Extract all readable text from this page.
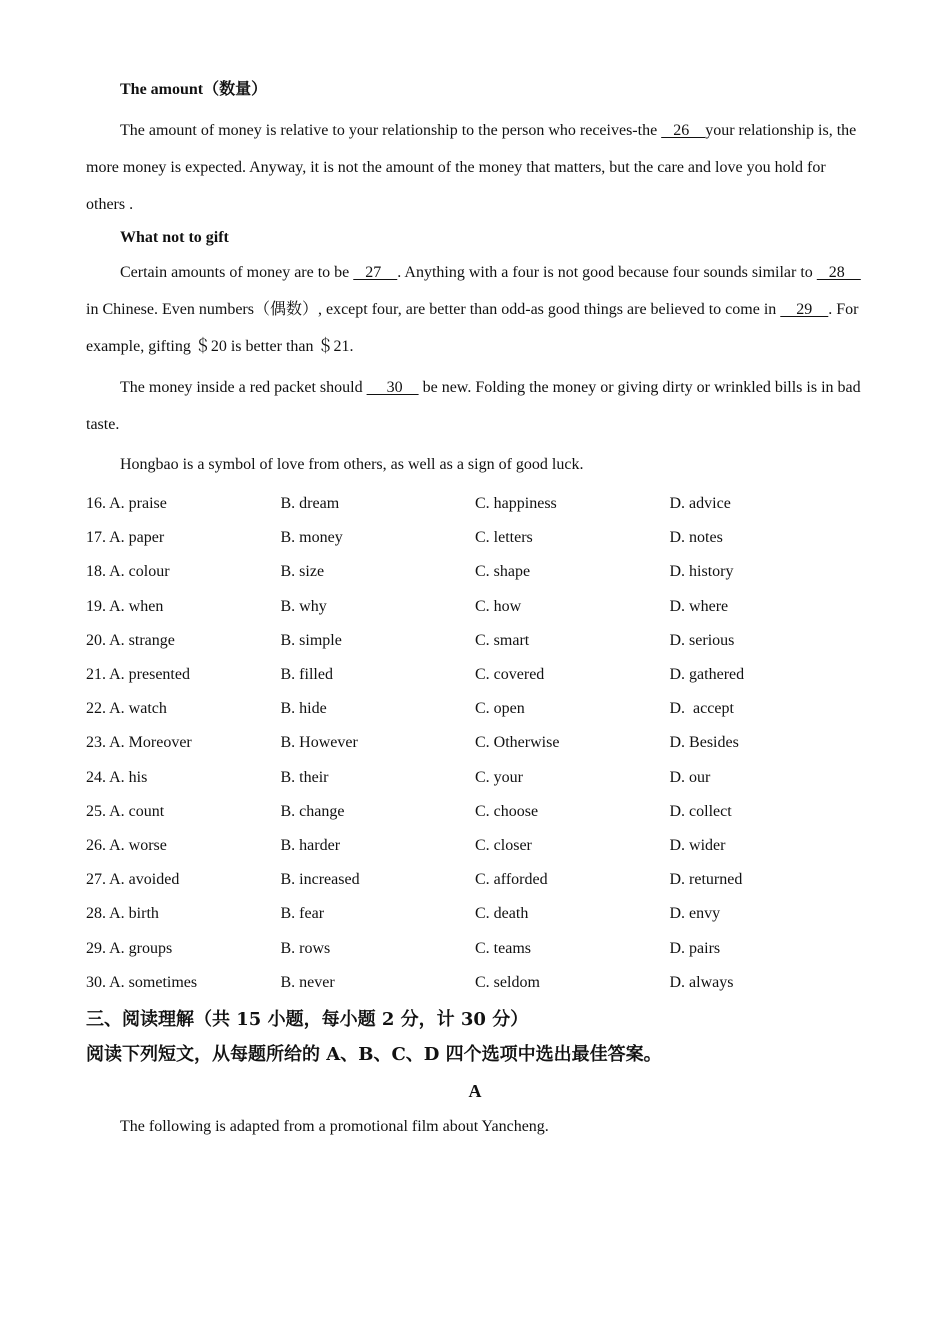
The amount（数量）
The amount of money is relative to your relationship to the person who receives-the    26    your relationship is, the more money is expected. Anyway, it is not the amount of the money that matters, but the care and love you hold for others .
What not to gift
Certain amounts of money are to be    27    . Anything with a four is not good because four sounds similar to    28     in Chinese. Even numbers（偶数）, except four, are better than odd-as good things are believed to come in     29    . For example, gifting ＄20 is better than ＄21.
The money inside a red packet should      30     be new. Folding the money or giving dirty or wrinkled bills is in bad taste.
Hongbao is a symbol of love from others, as well as a sign of good luck.
16. A. praise	B. dream	C. happiness	D. advice
17. A. paper	B. money	C. letters	D. notes
18. A. colour	B. size	C. shape	D. history
19. A. when	B. why	C. how	D. where
20. A. strange	B. simple	C. smart	D. serious
21. A. presented	B. filled	C. covered	D. gathered
22. A. watch	B. hide	C. open	D.  accept
23. A. Moreover	B. However	C. Otherwise	D. Besides
24. A. his	B. their	C. your	D. our
25. A. count	B. change	C. choose	D. collect
26. A. worse	B. harder	C. closer	D. wider
27. A. avoided	B. increased	C. afforded	D. returned
28. A. birth	B. fear	C. death	D. envy
29. A. groups	B. rows	C. teams	D. pairs
30. A. sometimes	B. never	C. seldom	D. always
三、阅读理解（共 15 小题，每小题 2 分，计 30 分）
阅读下列短文，从每题所给的 A、B、C、D 四个选项中选出最佳答案。
A
The following is adapted from a promotional film about Yancheng.
